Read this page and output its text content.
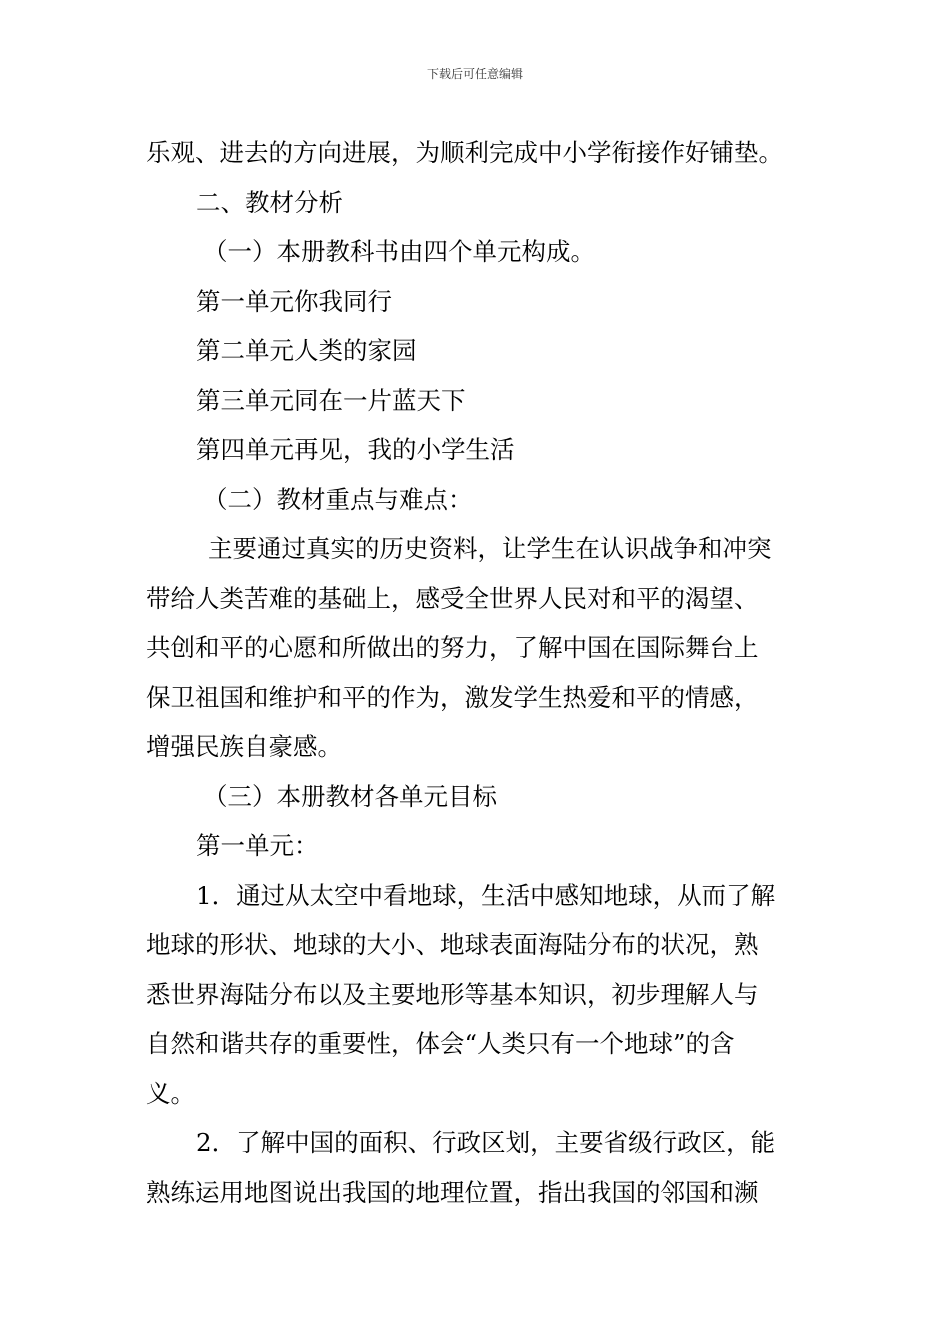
下载后可任意编辑
乐观、进去的方向进展，为顺利完成中小学衔接作好铺垫。
二、教材分析
（一）本册教科书由四个单元构成。
第一单元你我同行
第二单元人类的家园
第三单元同在一片蓝天下
第四单元再见，我的小学生活
（二）教材重点与难点：
主要通过真实的历史资料，让学生在认识战争和冲突
带给人类苦难的基础上，感受全世界人民对和平的渴望、
共创和平的心愿和所做出的努力，了解中国在国际舞台上
保卫祖国和维护和平的作为，激发学生热爱和平的情感，
增强民族自豪感。
（三）本册教材各单元目标
第一单元：
1．通过从太空中看地球，生活中感知地球，从而了解
地球的形状、地球的大小、地球表面海陆分布的状况，熟
悉世界海陆分布以及主要地形等基本知识，初步理解人与
自然和谐共存的重要性，体会“人类只有一个地球”的含
义。
2．了解中国的面积、行政区划，主要省级行政区，能
熟练运用地图说出我国的地理位置，指出我国的邻国和濒
